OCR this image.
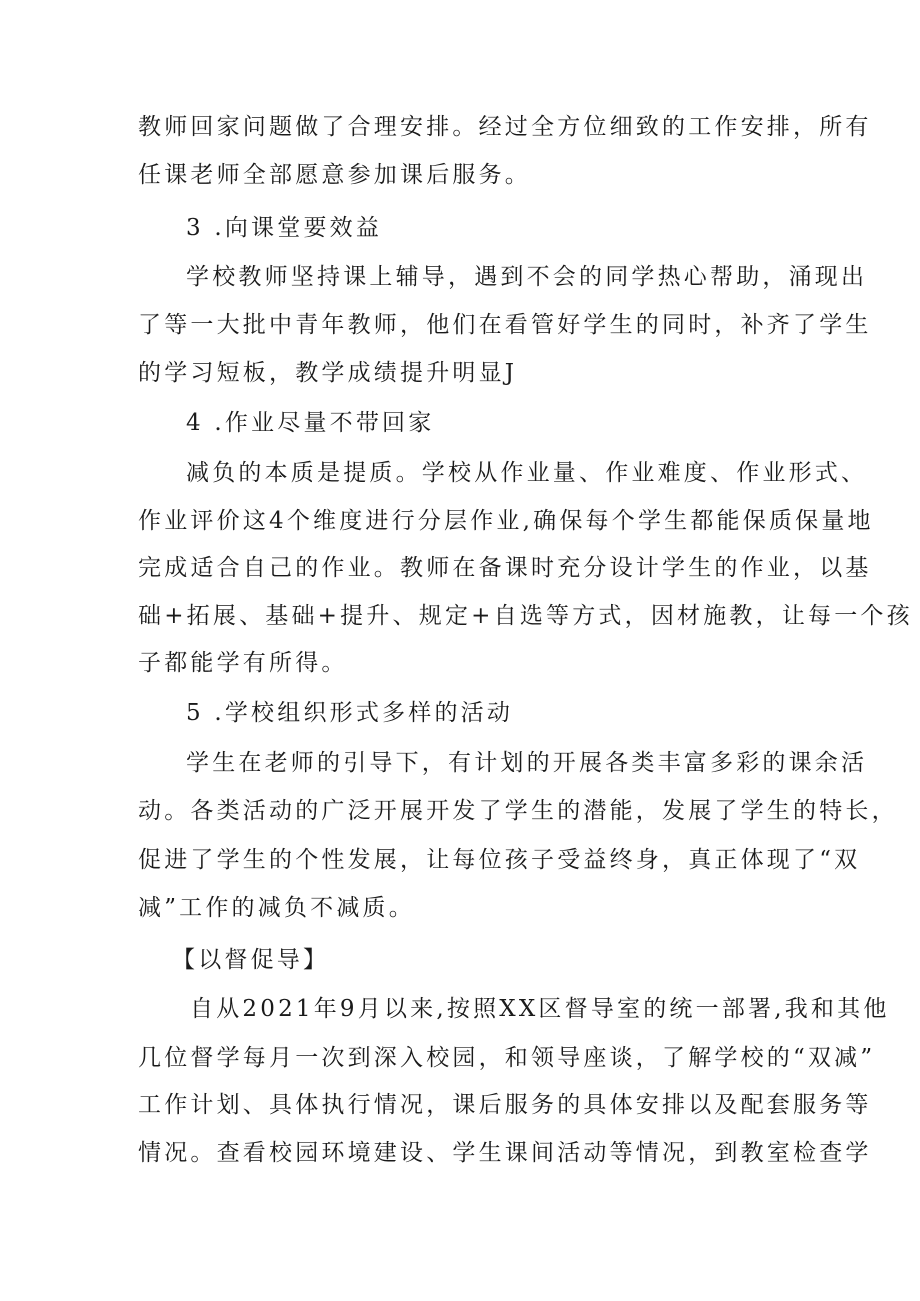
教师回家问题做了合理安排。经过全方位细致的工作安排，所有
任课老师全部愿意参加课后服务。
3 .向课堂要效益
学校教师坚持课上辅导，遇到不会的同学热心帮助，涌现出
了等一大批中青年教师，他们在看管好学生的同时，补齐了学生
的学习短板，教学成绩提升明显J
4 .作业尽量不带回家
减负的本质是提质。学校从作业量、作业难度、作业形式、
作业评价这4个维度进行分层作业,确保每个学生都能保质保量地
完成适合自己的作业。教师在备课时充分设计学生的作业，以基
础+拓展、基础+提升、规定+自选等方式，因材施教，让每一个孩
子都能学有所得。
5 .学校组织形式多样的活动
学生在老师的引导下，有计划的开展各类丰富多彩的课余活
动。各类活动的广泛开展开发了学生的潜能，发展了学生的特长，
促进了学生的个性发展，让每位孩子受益终身，真正体现了“双
减”工作的减负不减质。
【以督促导】
自从2021年9月以来,按照XX区督导室的统一部署,我和其他
几位督学每月一次到深入校园，和领导座谈，了解学校的“双减”
工作计划、具体执行情况，课后服务的具体安排以及配套服务等
情况。查看校园环境建设、学生课间活动等情况，到教室检查学
